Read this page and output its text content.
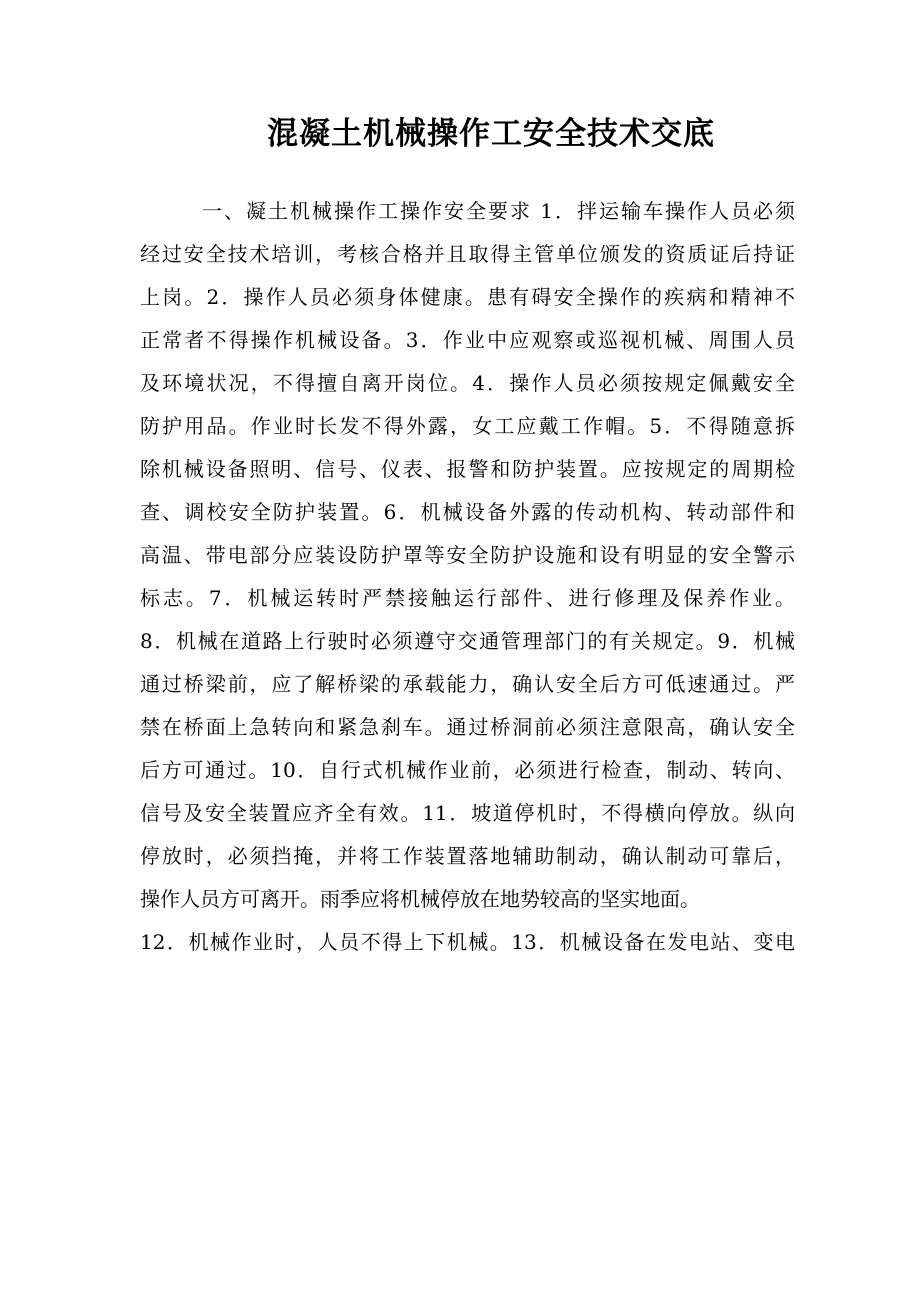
混凝土机械操作工安全技术交底
一、凝土机械操作工操作安全要求 1．拌运输车操作人员必须
经过安全技术培训，考核合格并且取得主管单位颁发的资质证后持证
上岗。2．操作人员必须身体健康。患有碍安全操作的疾病和精神不
正常者不得操作机械设备。3．作业中应观察或巡视机械、周围人员
及环境状况，不得擅自离开岗位。4．操作人员必须按规定佩戴安全
防护用品。作业时长发不得外露，女工应戴工作帽。5．不得随意拆
除机械设备照明、信号、仪表、报警和防护装置。应按规定的周期检
查、调校安全防护装置。6．机械设备外露的传动机构、转动部件和
高温、带电部分应装设防护罩等安全防护设施和设有明显的安全警示
标志。7．机械运转时严禁接触运行部件、进行修理及保养作业。
8．机械在道路上行驶时必须遵守交通管理部门的有关规定。9．机械
通过桥梁前，应了解桥梁的承载能力，确认安全后方可低速通过。严
禁在桥面上急转向和紧急刹车。通过桥洞前必须注意限高，确认安全
后方可通过。10．自行式机械作业前，必须进行检查，制动、转向、
信号及安全装置应齐全有效。11．坡道停机时，不得横向停放。纵向
停放时，必须挡掩，并将工作装置落地辅助制动，确认制动可靠后，
操作人员方可离开。雨季应将机械停放在地势较高的坚实地面。
12．机械作业时，人员不得上下机械。13．机械设备在发电站、变电
